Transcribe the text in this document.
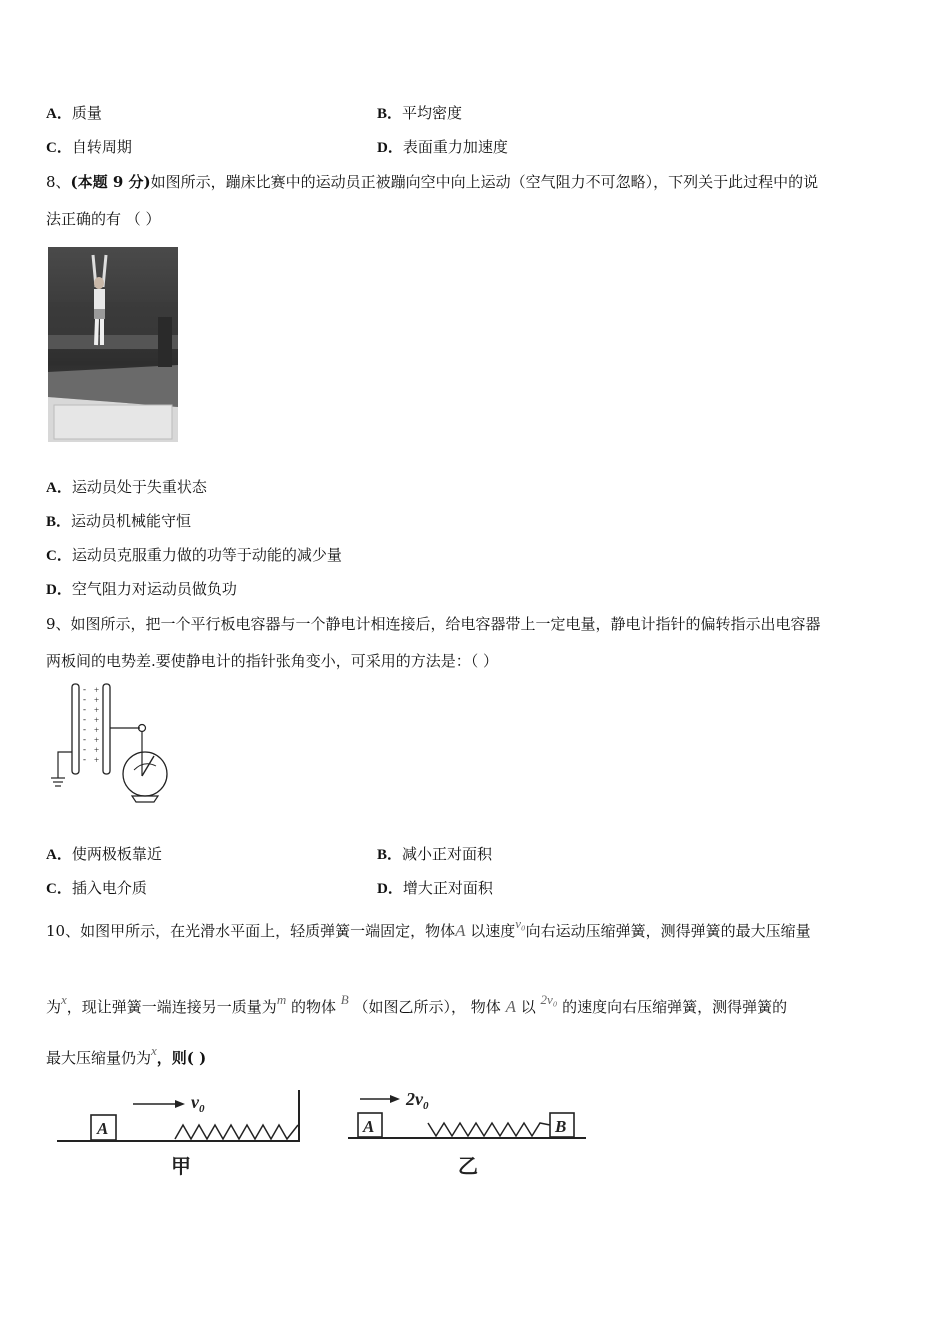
A．质量	B．平均密度
C．自转周期	D．表面重力加速度
8、(本题 9 分)如图所示，蹦床比赛中的运动员正被蹦向空中向上运动（空气阻力不可忽略），下列关于此过程中的说
法正确的有 （ ）
A．运动员处于失重状态
B．运动员机械能守恒
C．运动员克服重力做的功等于动能的减少量
D．空气阻力对运动员做负功
9、如图所示，把一个平行板电容器与一个静电计相连接后，给电容器带上一定电量，静电计指针的偏转指示出电容器
两板间的电势差.要使静电计的指针张角变小，可采用的方法是：（ ）
-
-
-
-
-
-
-
-
+
+
+
+
+
+
+
+
A．使两极板靠近	B．减小正对面积
C．插入电介质	D．增大正对面积
10、如图甲所示，在光滑水平面上，轻质弹簧一端固定，物体A 以速度v₀向右运动压缩弹簧，测得弹簧的最大压缩量
为x，现让弹簧一端连接另一质量为m 的物体 B （如图乙所示）， 物体 A 以 2v₀ 的速度向右压缩弹簧，测得弹簧的
最大压缩量仍为x，则( )
A
$v_0$
甲
A
$2v_0$
B
乙
